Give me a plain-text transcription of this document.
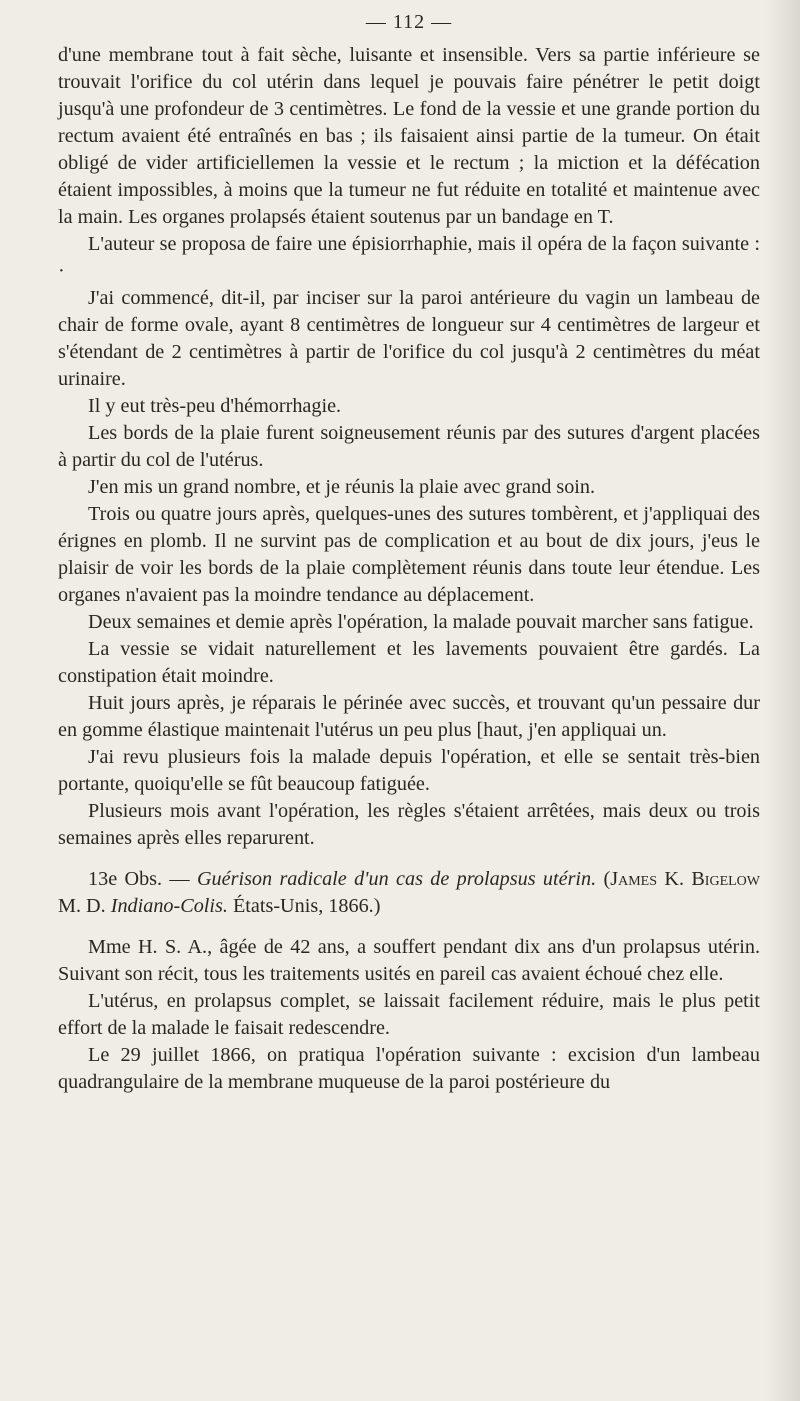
— 112 —

d'une membrane tout à fait sèche, luisante et insensible. Vers sa partie inférieure se trouvait l'orifice du col utérin dans lequel je pouvais faire pénétrer le petit doigt jusqu'à une profondeur de 3 centimètres. Le fond de la vessie et une grande portion du rectum avaient été entraînés en bas ; ils faisaient ainsi partie de la tumeur. On était obligé de vider artificiellemen la vessie et le rectum ; la miction et la défécation étaient impossibles, à moins que la tumeur ne fut réduite en totalité et maintenue avec la main. Les organes prolapsés étaient soutenus par un bandage en T.

L'auteur se proposa de faire une épisiorrhaphie, mais il opéra de la façon suivante : ·

J'ai commencé, dit-il, par inciser sur la paroi antérieure du vagin un lambeau de chair de forme ovale, ayant 8 centimètres de longueur sur 4 centimètres de largeur et s'étendant de 2 centimètres à partir de l'orifice du col jusqu'à 2 centimètres du méat urinaire.

Il y eut très-peu d'hémorrhagie.

Les bords de la plaie furent soigneusement réunis par des sutures d'argent placées à partir du col de l'utérus.

J'en mis un grand nombre, et je réunis la plaie avec grand soin.

Trois ou quatre jours après, quelques-unes des sutures tombèrent, et j'appliquai des érignes en plomb. Il ne survint pas de complication et au bout de dix jours, j'eus le plaisir de voir les bords de la plaie complètement réunis dans toute leur étendue. Les organes n'avaient pas la moindre tendance au déplacement.

Deux semaines et demie après l'opération, la malade pouvait marcher sans fatigue.

La vessie se vidait naturellement et les lavements pouvaient être gardés. La constipation était moindre.

Huit jours après, je réparais le périnée avec succès, et trouvant qu'un pessaire dur en gomme élastique maintenait l'utérus un peu plus [haut, j'en appliquai un.

J'ai revu plusieurs fois la malade depuis l'opération, et elle se sentait très-bien portante, quoiqu'elle se fût beaucoup fatiguée.

Plusieurs mois avant l'opération, les règles s'étaient arrêtées, mais deux ou trois semaines après elles reparurent.

13e Obs. — Guérison radicale d'un cas de prolapsus utérin. (James K. Bigelow M. D. Indiano-Colis. États-Unis, 1866.)

Mme H. S. A., âgée de 42 ans, a souffert pendant dix ans d'un prolapsus utérin. Suivant son récit, tous les traitements usités en pareil cas avaient échoué chez elle.

L'utérus, en prolapsus complet, se laissait facilement réduire, mais le plus petit effort de la malade le faisait redescendre.

Le 29 juillet 1866, on pratiqua l'opération suivante : excision d'un lambeau quadrangulaire de la membrane muqueuse de la paroi postérieure du
